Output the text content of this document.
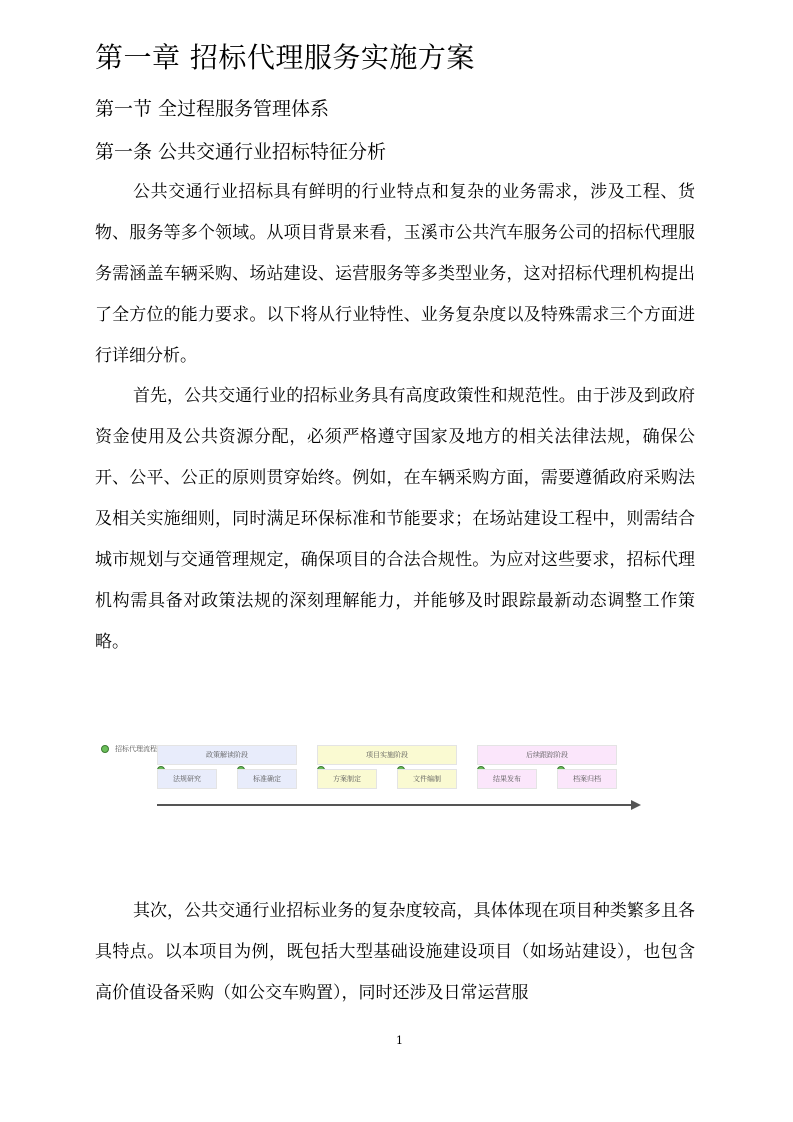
第一章 招标代理服务实施方案
第一节 全过程服务管理体系
第一条 公共交通行业招标特征分析

公共交通行业招标具有鲜明的行业特点和复杂的业务需求，涉及工程、货物、服务等多个领域。从项目背景来看，玉溪市公共汽车服务公司的招标代理服务需涵盖车辆采购、场站建设、运营服务等多类型业务，这对招标代理机构提出了全方位的能力要求。以下将从行业特性、业务复杂度以及特殊需求三个方面进行详细分析。

首先，公共交通行业的招标业务具有高度政策性和规范性。由于涉及到政府资金使用及公共资源分配，必须严格遵守国家及地方的相关法律法规，确保公开、公平、公正的原则贯穿始终。例如，在车辆采购方面，需要遵循政府采购法及相关实施细则，同时满足环保标准和节能要求；在场站建设工程中，则需结合城市规划与交通管理规定，确保项目的合法合规性。为应对这些要求，招标代理机构需具备对政策法规的深刻理解能力，并能够及时跟踪最新动态调整工作策略。

招标代理流程
政策解读阶段	项目实施阶段	后续跟踪阶段
法规研究	标准确定	方案制定	文件编制	结果发布	档案归档

其次，公共交通行业招标业务的复杂度较高，具体体现在项目种类繁多且各具特点。以本项目为例，既包括大型基础设施建设项目（如场站建设），也包含高价值设备采购（如公交车购置），同时还涉及日常运营服

1
